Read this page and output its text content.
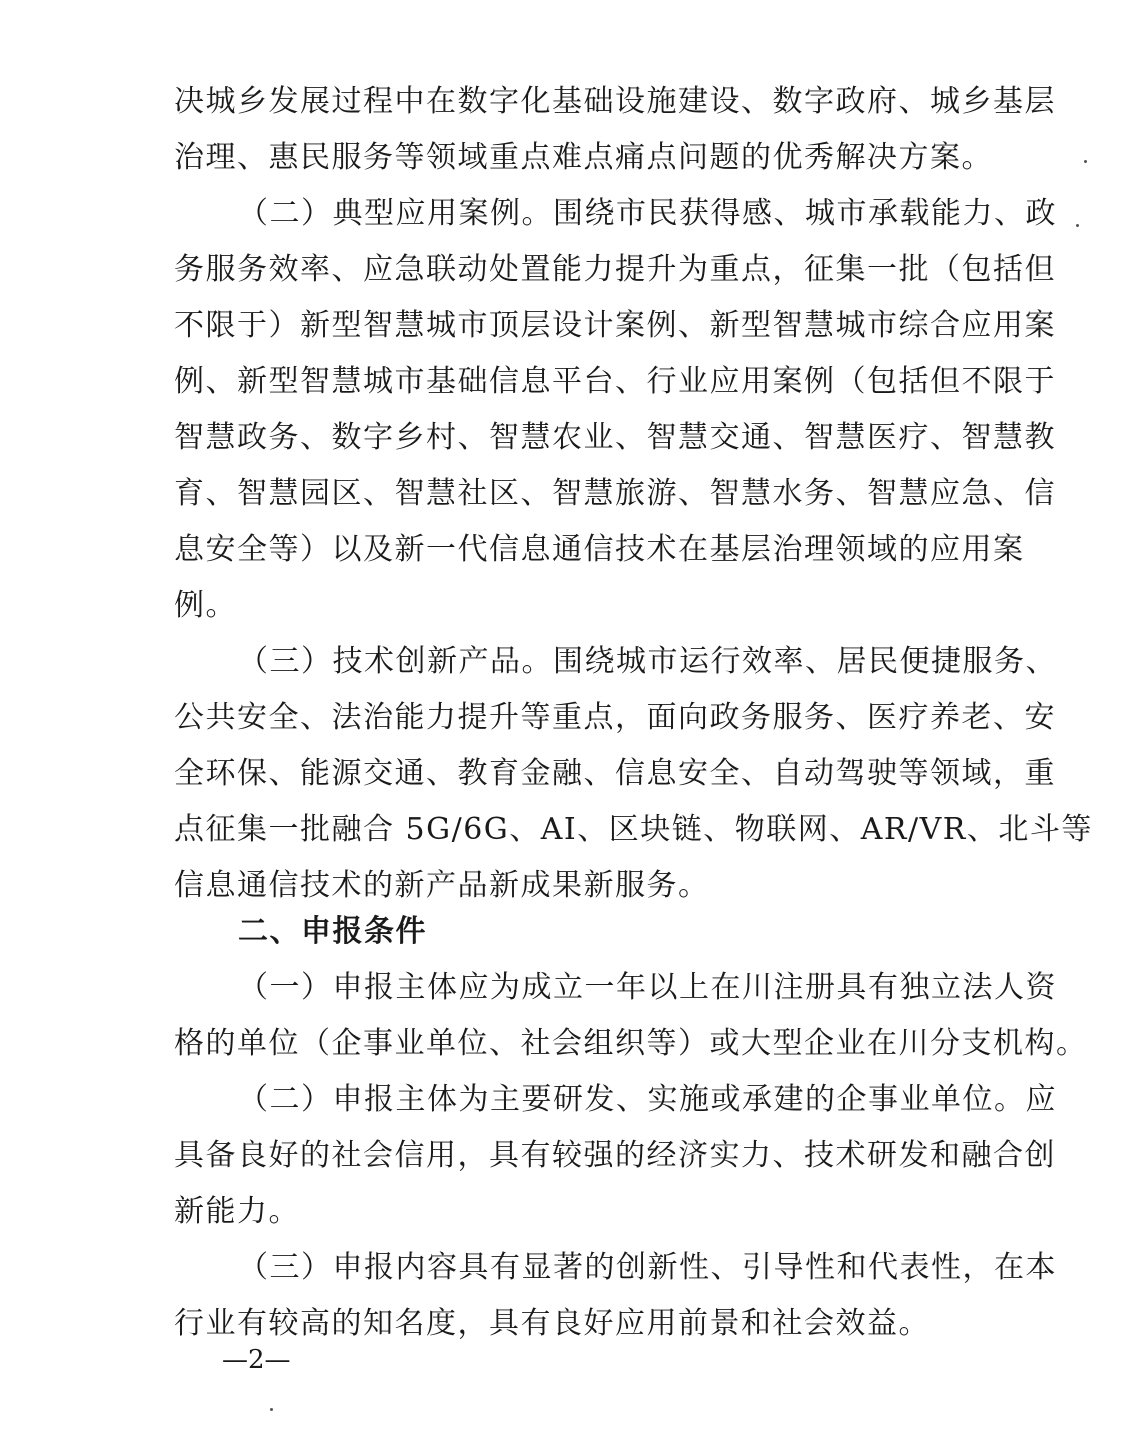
决城乡发展过程中在数字化基础设施建设、数字政府、城乡基层
治理、惠民服务等领域重点难点痛点问题的优秀解决方案。
（二）典型应用案例。围绕市民获得感、城市承载能力、政
务服务效率、应急联动处置能力提升为重点，征集一批（包括但
不限于）新型智慧城市顶层设计案例、新型智慧城市综合应用案
例、新型智慧城市基础信息平台、行业应用案例（包括但不限于
智慧政务、数字乡村、智慧农业、智慧交通、智慧医疗、智慧教
育、智慧园区、智慧社区、智慧旅游、智慧水务、智慧应急、信
息安全等）以及新一代信息通信技术在基层治理领域的应用案
例。
（三）技术创新产品。围绕城市运行效率、居民便捷服务、
公共安全、法治能力提升等重点，面向政务服务、医疗养老、安
全环保、能源交通、教育金融、信息安全、自动驾驶等领域，重
点征集一批融合 5G/6G、AI、区块链、物联网、AR/VR、北斗等
信息通信技术的新产品新成果新服务。
二、申报条件
（一）申报主体应为成立一年以上在川注册具有独立法人资
格的单位（企事业单位、社会组织等）或大型企业在川分支机构。
（二）申报主体为主要研发、实施或承建的企事业单位。应
具备良好的社会信用，具有较强的经济实力、技术研发和融合创
新能力。
（三）申报内容具有显著的创新性、引导性和代表性，在本
行业有较高的知名度，具有良好应用前景和社会效益。
—2—
